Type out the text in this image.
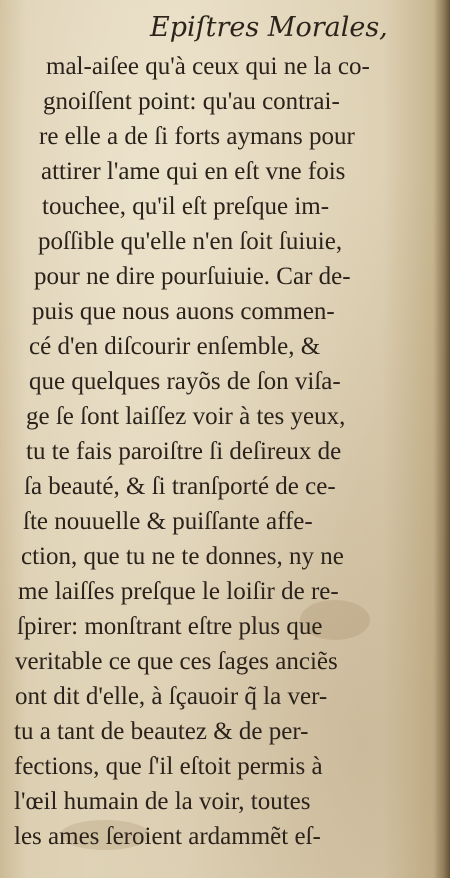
Epiſtres Morales,

mal-aiſee qu'à ceux qui ne la co-

gnoiſſent point: qu'au contrai-

re elle a de ſi forts aymans pour

attirer l'ame qui en eſt vne fois

touchee, qu'il eſt preſque im-

poſſible qu'elle n'en ſoit ſuiuie,

pour ne dire pourſuiuie. Car de-

puis que nous auons commen-

cé d'en diſcourir enſemble, &

que quelques rayõs de ſon viſa-

ge ſe ſont laiſſez voir à tes yeux,

tu te fais paroiſtre ſi deſireux de

ſa beauté, & ſi tranſporté de ce-

ſte nouuelle & puiſſante affe-

ction, que tu ne te donnes, ny ne

me laiſſes preſque le loiſir de re-

ſpirer: monſtrant eſtre plus que

veritable ce que ces ſages anciẽs

ont dit d'elle, à ſçauoir q̃ la ver-

tu a tant de beautez & de per-

fections, que ſ'il eſtoit permis à

l'œil humain de la voir, toutes

les ames ſeroient ardammẽt eſ-
